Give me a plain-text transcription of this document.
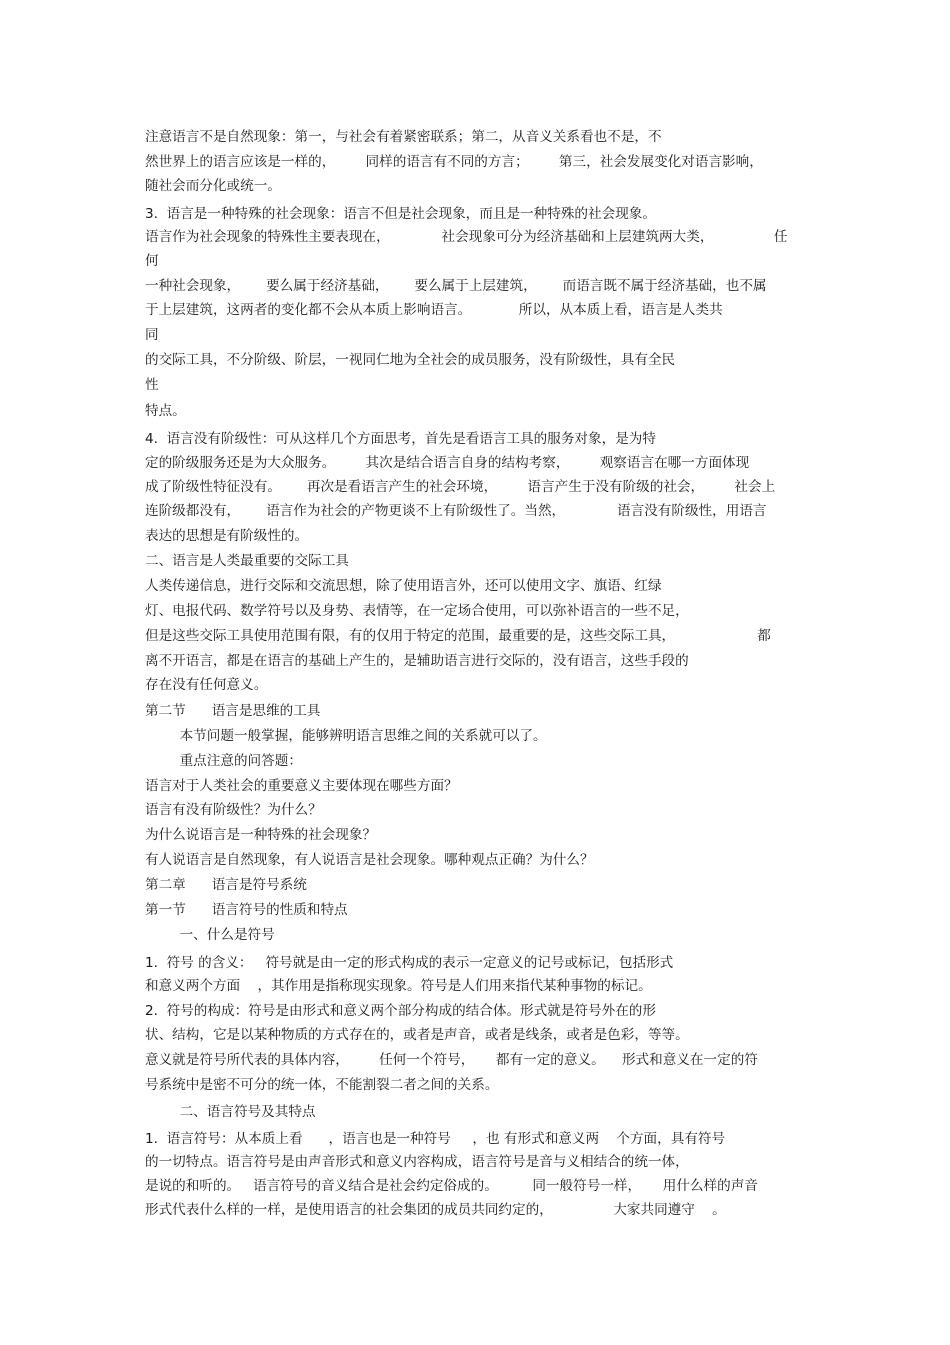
注意语言不是自然现象：第一，与社会有着紧密联系；第二，从音义关系看也不是，不
然世界上的语言应该是一样的，       同样的语言有不同的方言；       第三，社会发展变化对语言影响，
随社会而分化或统一。
3.  语言是一种特殊的社会现象：语言不但是社会现象，而且是一种特殊的社会现象。
语言作为社会现象的特殊性主要表现在，            社会现象可分为经济基础和上层建筑两大类，              任
何
一种社会现象，      要么属于经济基础，      要么属于上层建筑，      而语言既不属于经济基础，也不属
于上层建筑，这两者的变化都不会从本质上影响语言。           所以，从本质上看，语言是人类共
同
的交际工具，不分阶级、阶层，一视同仁地为全社会的成员服务，没有阶级性，具有全民
性
特点。
4.  语言没有阶级性：可从这样几个方面思考，首先是看语言工具的服务对象，是为特
定的阶级服务还是为大众服务。       其次是结合语言自身的结构考察，       观察语言在哪一方面体现
成了阶级性特征没有。      再次是看语言产生的社会环境，       语言产生于没有阶级的社会，       社会上
连阶级都没有，      语言作为社会的产物更谈不上有阶级性了。当然，            语言没有阶级性，用语言
表达的思想是有阶级性的。
二、语言是人类最重要的交际工具
人类传递信息，进行交际和交流思想，除了使用语言外，还可以使用文字、旗语、红绿
灯、电报代码、数学符号以及身势、表情等，在一定场合使用，可以弥补语言的一些不足，
但是这些交际工具使用范围有限，有的仅用于特定的范围，最重要的是，这些交际工具，                   都
离不开语言，都是在语言的基础上产生的，是辅助语言进行交际的，没有语言，这些手段的
存在没有任何意义。
第二节      语言是思维的工具
本节问题一般掌握，能够辨明语言思维之间的关系就可以了。
重点注意的问答题：
语言对于人类社会的重要意义主要体现在哪些方面？
语言有没有阶级性？为什么？
为什么说语言是一种特殊的社会现象？
有人说语言是自然现象，有人说语言是社会现象。哪种观点正确？为什么？
第二章      语言是符号系统
第一节      语言符号的性质和特点
一、什么是符号
1.  符号 的含义：   符号就是由一定的形式构成的表示一定意义的记号或标记，包括形式
和意义两个方面    ，其作用是指称现实现象。符号是人们用来指代某种事物的标记。
2.  符号的构成：符号是由形式和意义两个部分构成的结合体。形式就是符号外在的形
状、结构，它是以某种物质的方式存在的，或者是声音，或者是线条，或者是色彩，等等。
意义就是符号所代表的具体内容，       任何一个符号，     都有一定的意义。    形式和意义在一定的符
号系统中是密不可分的统一体，不能割裂二者之间的关系。
二、语言符号及其特点
1.  语言符号：从本质上看      ，语言也是一种符号     ，也 有形式和意义两    个方面，具有符号
的一切特点。语言符号是由声音形式和意义内容构成，语言符号是音与义相结合的统一体，
是说的和听的。   语言符号的音义结合是社会约定俗成的。        同一般符号一样，     用什么样的声音
形式代表什么样的一样，是使用语言的社会集团的成员共同约定的，              大家共同遵守    。
